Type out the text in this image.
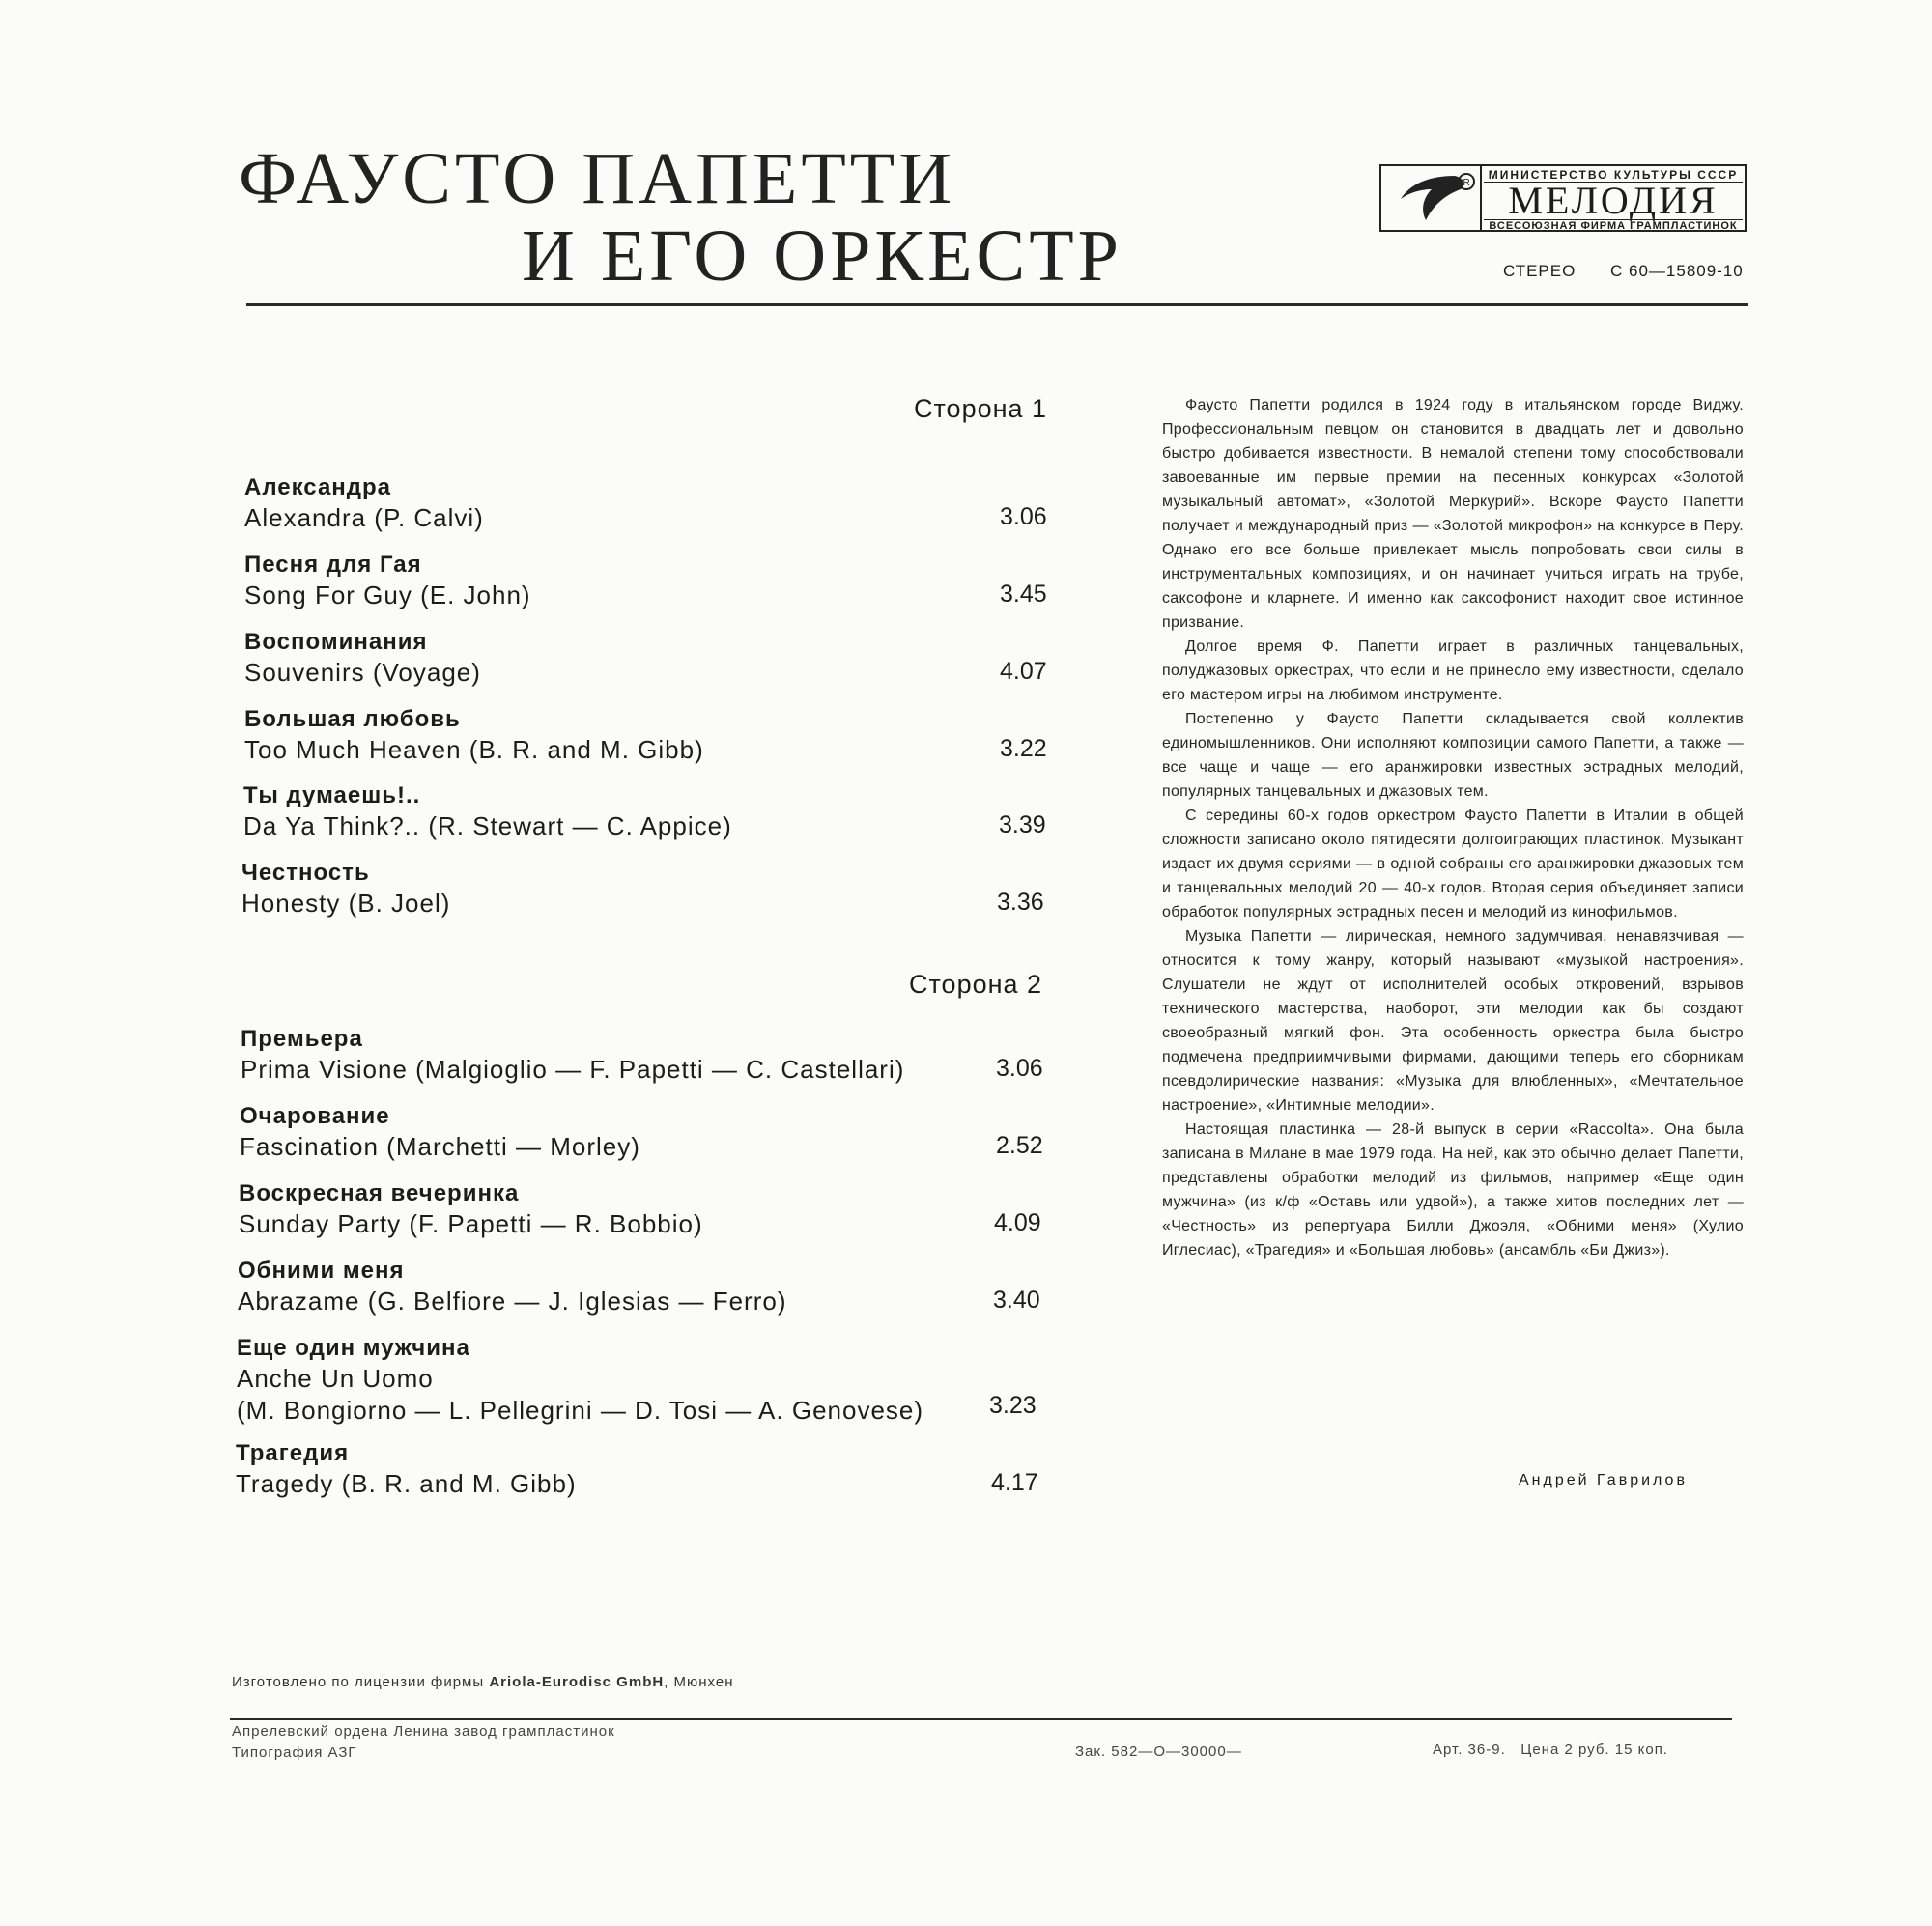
ФАУСТО ПАПЕТТИ
И ЕГО ОРКЕСТР
R
МИНИСТЕРСТВО КУЛЬТУРЫ СССР
МЕЛОДИЯ
ВСЕСОЮЗНАЯ ФИРМА ГРАМПЛАСТИНОК
СТЕРЕО С 60—15809-10
Сторона 1
Сторона 2
Александра
Alexandra (P. Calvi)	3.06
Песня для Гая
Song For Guy (E. John)	3.45
Воспоминания
Souvenirs (Voyage)	4.07
Большая любовь
Too Much Heaven (B. R. and M. Gibb)	3.22
Ты думаешь!..
Da Ya Think?.. (R. Stewart — C. Appice)	3.39
Честность
Honesty (B. Joel)	3.36
Премьера
Prima Visione (Malgioglio — F. Papetti — C. Castellari)	3.06
Очарование
Fascination (Marchetti — Morley)	2.52
Воскресная вечеринка
Sunday Party (F. Papetti — R. Bobbio)	4.09
Обними меня
Abrazame (G. Belfiore — J. Iglesias — Ferro)	3.40
Еще один мужчина
Anche Un Uomo
(M. Bongiorno — L. Pellegrini — D. Tosi — A. Genovese)	3.23
Трагедия
Tragedy (B. R. and M. Gibb)	4.17

Фаусто Папетти родился в 1924 году в итальянском городе Виджу. Профессиональным певцом он становится в двадцать лет и довольно быстро добивается известности. В немалой степени тому способствовали завоеванные им первые премии на песенных конкурсах «Золотой музыкальный автомат», «Золотой Меркурий». Вскоре Фаусто Папетти получает и международный приз — «Золотой микрофон» на конкурсе в Перу. Однако его все больше привлекает мысль попробовать свои силы в инструментальных композициях, и он начинает учиться играть на трубе, саксофоне и кларнете. И именно как саксофонист находит свое истинное призвание.

Долгое время Ф. Папетти играет в различных танцевальных, полуджазовых оркестрах, что если и не принесло ему известности, сделало его мастером игры на любимом инструменте.

Постепенно у Фаусто Папетти складывается свой коллектив единомышленников. Они исполняют композиции самого Папетти, а также — все чаще и чаще — его аранжировки известных эстрадных мелодий, популярных танцевальных и джазовых тем.

С середины 60-х годов оркестром Фаусто Папетти в Италии в общей сложности записано около пятидесяти долгоиграющих пластинок. Музыкант издает их двумя сериями — в одной собраны его аранжировки джазовых тем и танцевальных мелодий 20 — 40-х годов. Вторая серия объединяет записи обработок популярных эстрадных песен и мелодий из кинофильмов.

Музыка Папетти — лирическая, немного задумчивая, ненавязчивая — относится к тому жанру, который называют «музыкой настроения». Слушатели не ждут от исполнителей особых откровений, взрывов технического мастерства, наоборот, эти мелодии как бы создают своеобразный мягкий фон. Эта особенность оркестра была быстро подмечена предприимчивыми фирмами, дающими теперь его сборникам псевдолирические названия: «Музыка для влюбленных», «Мечтательное настроение», «Интимные мелодии».

Настоящая пластинка — 28-й выпуск в серии «Raccolta». Она была записана в Милане в мае 1979 года. На ней, как это обычно делает Папетти, представлены обработки мелодий из фильмов, например «Еще один мужчина» (из к/ф «Оставь или удвой»), а также хитов последних лет — «Честность» из репертуара Билли Джоэля, «Обними меня» (Хулио Иглесиас), «Трагедия» и «Большая любовь» (ансамбль «Би Джиз»).

Андрей Гаврилов
Изготовлено по лицензии фирмы Ariola-Eurodisc GmbH, Мюнхен
Апрелевский ордена Ленина завод грампластинок
Типография АЗГ	Зак. 582—О—30000—	Арт. 36-9.   Цена 2 руб. 15 коп.
